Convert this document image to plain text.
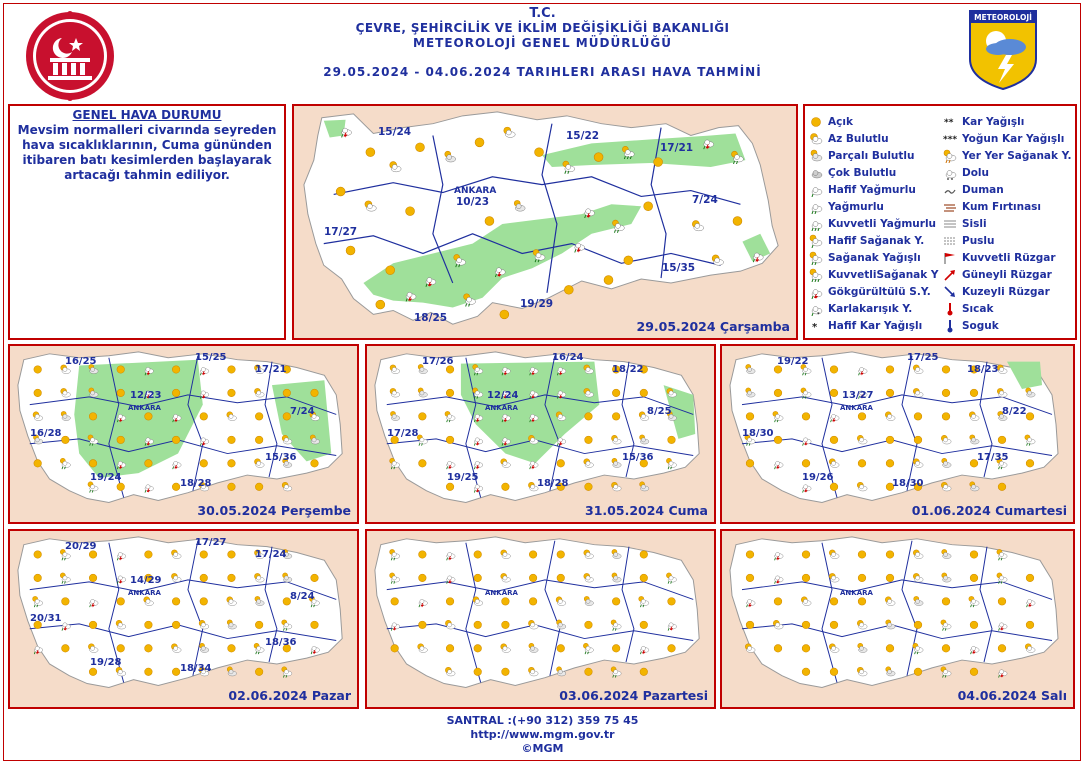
METEOROLOJİ
T.C.
ÇEVRE, ŞEHİRCİLİK VE İKLİM DEĞİŞİKLİĞİ BAKANLIĞI
METEOROLOJİ GENEL MÜDÜRLÜĞÜ
29.05.2024 - 04.06.2024 TARIHLERI ARASI HAVA TAHMİNİ
GENEL HAVA DURUMU
Mevsim normalleri civarında seyreden hava sıcaklıklarının, Cuma gününden itibaren batı kesimlerden başlayarak artacağı tahmin ediliyor.
ANKARA
15/24	15/22
17/21
10/23	7/24
17/27
15/35
19/29
18/25
29.05.2024 Çarşamba
Açık
Az Bulutlu
Parçalı Bulutlu
Çok Bulutlu
Hafif Yağmurlu
Yağmurlu
Kuvvetli Yağmurlu
Hafif Sağanak Y.
Sağanak Yağışlı
KuvvetliSağanak Y
Gökgürültülü S.Y.
* Karlakarışık Y.
* Hafif Kar Yağışlı
** Kar Yağışlı
*** Yoğun Kar Yağışlı
Yer Yer Sağanak Y.
Dolu
Duman
Kum Fırtınası
Sisli
Puslu
Kuvvetli Rüzgar
Güneyli Rüzgar
Kuzeyli Rüzgar
Sıcak
Soguk
ANKARA
16/25	15/25
17/21
12/23
7/24
16/28
15/36
19/24
18/28
30.05.2024 Perşembe
ANKARA
17/26	16/24
18/22
12/24
8/25
17/28
15/36
19/25
18/28
31.05.2024 Cuma
ANKARA
19/22	17/25
18/23
13/27
8/22
18/30
17/35
19/26
18/30
01.06.2024 Cumartesi
ANKARA
20/29	17/27
17/24
14/29
8/24
20/31
18/36
19/28
18/34
02.06.2024 Pazar
ANKARA
03.06.2024 Pazartesi
ANKARA
04.06.2024 Salı
SANTRAL :(+90 312) 359 75 45
http://www.mgm.gov.tr
©MGM
